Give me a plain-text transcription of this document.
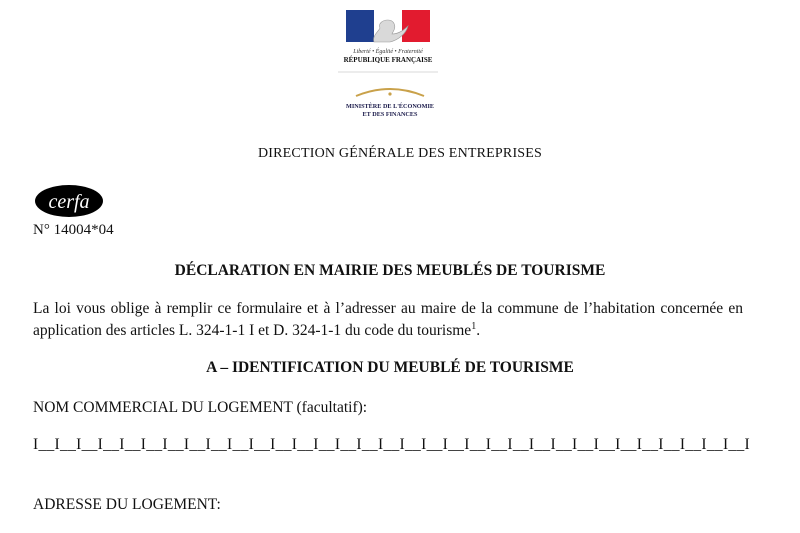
Liberté • Égalité • Fraternité
RÉPUBLIQUE FRANÇAISE
MINISTÈRE DE L'ÉCONOMIE
ET DES FINANCES
DIRECTION GÉNÉRALE DES ENTREPRISES
cerfa
N° 14004*04
DÉCLARATION EN MAIRIE DES MEUBLÉS DE TOURISME
La loi vous oblige à remplir ce formulaire et à l’adresser au maire de la commune de l’habitation concernée en application des articles L. 324-1-1 I et D. 324-1-1 du code du tourisme$^1$.
A – IDENTIFICATION DU MEUBLÉ DE TOURISME
NOM COMMERCIAL DU LOGEMENT (facultatif):
I__I__I__I__I__I__I__I__I__I__I__I__I__I__I__I__I__I__I__I__I__I__I__I__I__I__I__I__I__I__I__I__I__I
ADRESSE DU LOGEMENT:
